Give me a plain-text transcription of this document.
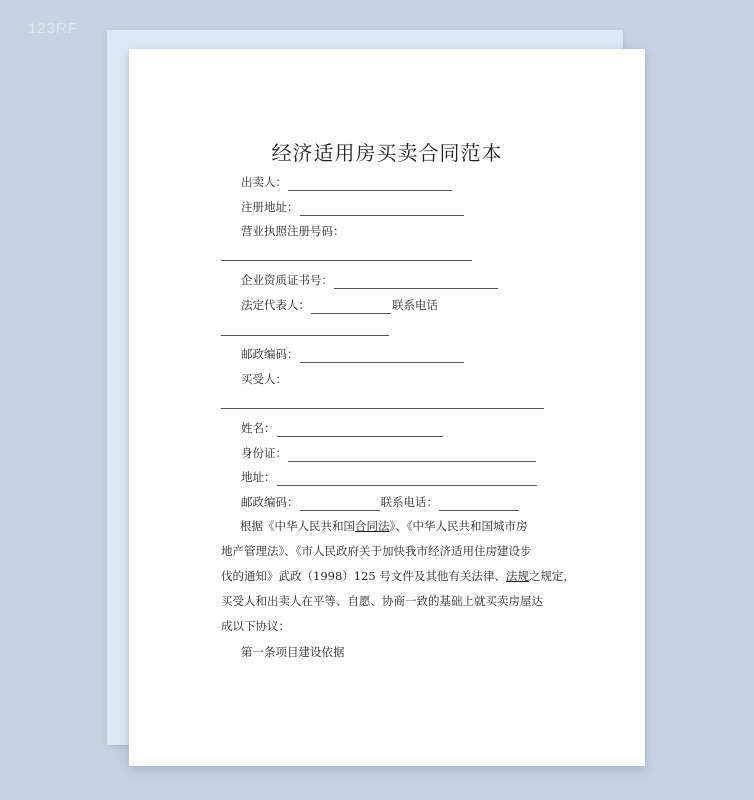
123RF
经济适用房买卖合同范本
出卖人：
注册地址：
营业执照注册号码：
企业资质证书号：
法定代表人：	联系电话
邮政编码：
买受人：
姓名：
身份证：
地址：
邮政编码：	联系电话：
根据《中华人民共和国合同法》、《中华人民共和国城市房
地产管理法》、《市人民政府关于加快我市经济适用住房建设步
伐的通知》武政（1998）125 号文件及其他有关法律、法规之规定，
买受人和出卖人在平等、自愿、协商一致的基础上就买卖房屋达
成以下协议：
第一条项目建设依据
